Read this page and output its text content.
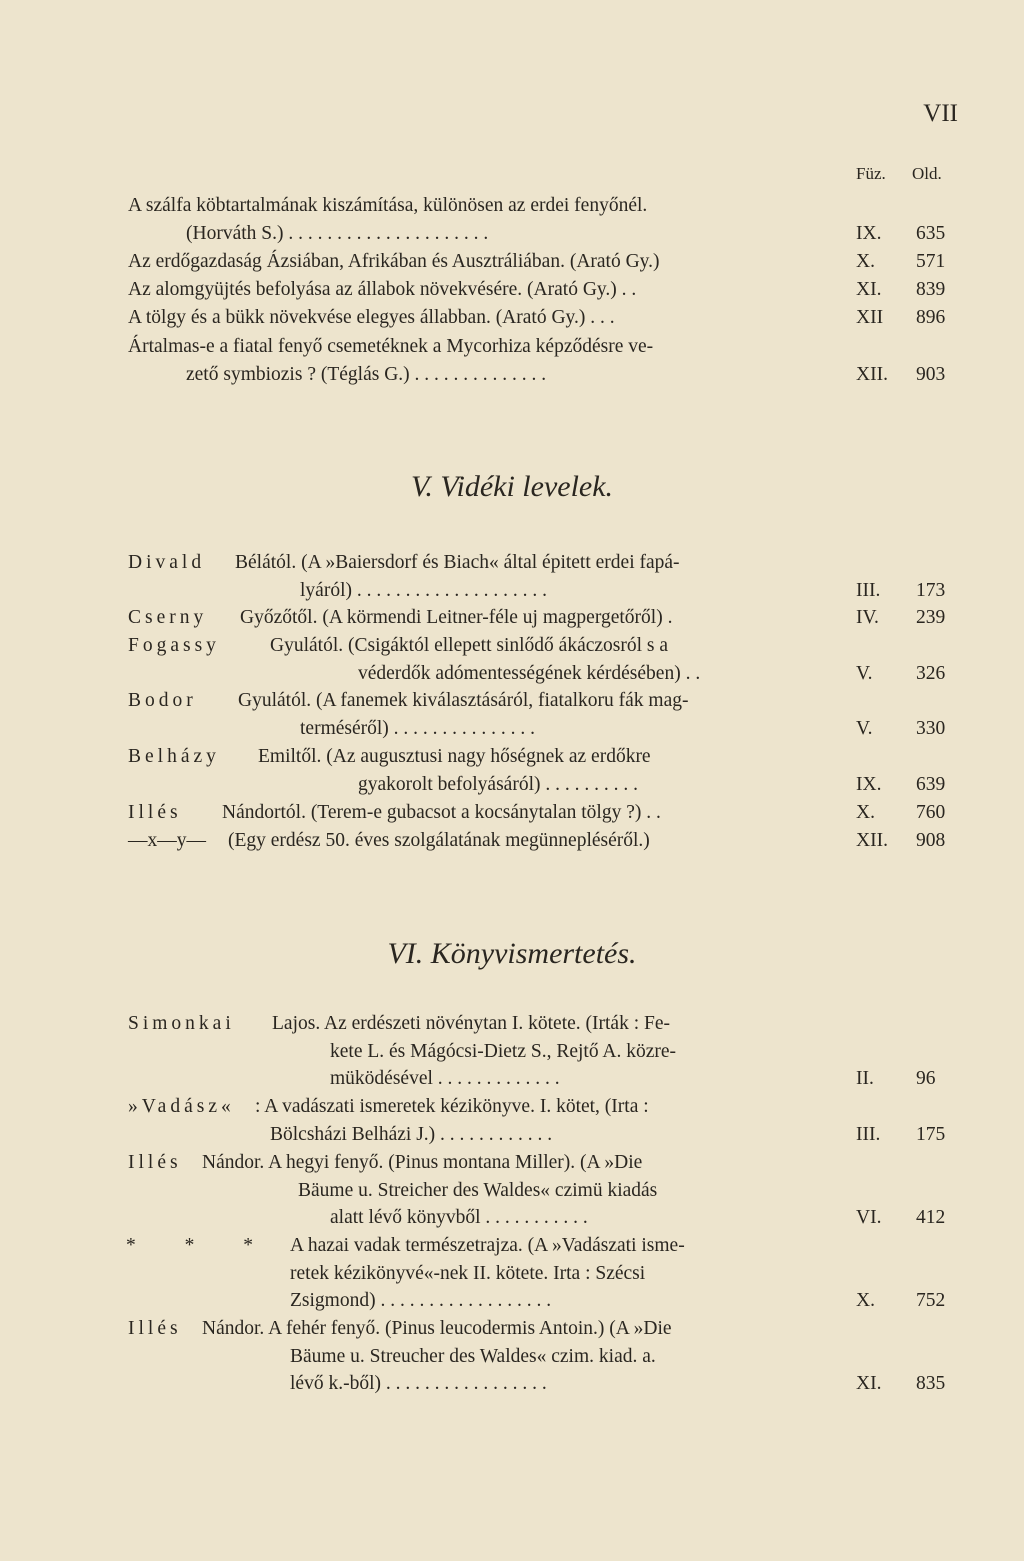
VII
Füz. Old.
A szálfa köbtartalmának kiszámítása, különösen az erdei fenyőnél.
(Horváth S.) . . . . . . . . . . . . . . . . . . . . .	IX. 635
Az erdőgazdaság Ázsiában, Afrikában és Ausztráliában. (Arató Gy.)	X. 571
Az alomgyüjtés befolyása az állabok növekvésére. (Arató Gy.) . .	XI. 839
A tölgy és a bükk növekvése elegyes állabban. (Arató Gy.) . . .	XII 896
Ártalmas-e a fiatal fenyő csemetéknek a Mycorhiza képződésre ve-
zető symbiozis ? (Téglás G.) . . . . . . . . . . . . . .	XII. 903
V. Vidéki levelek.
Divald Bélától. (A »Baiersdorf és Biach« által épitett erdei fapá-
lyáról) . . . . . . . . . . . . . . . . . . . .	III. 173
Cserny Győzőtől. (A körmendi Leitner-féle uj magpergetőről) .	IV. 239
Fogassy	Gyulától. (Csigáktól ellepett sinlődő ákáczosról s a
véderdők adómentességének kérdésében) . .	V. 326
Bodor Gyulától. (A fanemek kiválasztásáról, fiatalkoru fák mag-
terméséről) . . . . . . . . . . . . . . .	V. 330
Belházy Emiltől. (Az augusztusi nagy hőségnek az erdőkre
gyakorolt befolyásáról) . . . . . . . . . .	IX. 639
Illés Nándortól. (Terem-e gubacsot a kocsánytalan tölgy ?) . .	X. 760
—x—y— (Egy erdész 50. éves szolgálatának megünnepléséről.)	XII. 908
VI. Könyvismertetés.
Simonkai Lajos. Az erdészeti növénytan I. kötete. (Irták : Fe-
kete L. és Mágócsi-Dietz S., Rejtő A. közre-
müködésével . . . . . . . . . . . . .	II. 96
»Vadász« : A vadászati ismeretek kézikönyve. I. kötet, (Irta :
Bölcsházi Belházi J.) . . . . . . . . . . . .	III. 175
Illés Nándor. A hegyi fenyő. (Pinus montana Miller). (A »Die
Bäume u. Streicher des Waldes« czimü kiadás
alatt lévő könyvből . . . . . . . . . . .	VI. 412
* * * A hazai vadak természetrajza. (A »Vadászati isme-
retek kézikönyvé«-nek II. kötete. Irta : Szécsi
Zsigmond) . . . . . . . . . . . . . . . . . .	X. 752
Illés Nándor. A fehér fenyő. (Pinus leucodermis Antoin.) (A »Die
Bäume u. Streucher des Waldes« czim. kiad. a.
lévő k.-ből) . . . . . . . . . . . . . . . . .	XI. 835
